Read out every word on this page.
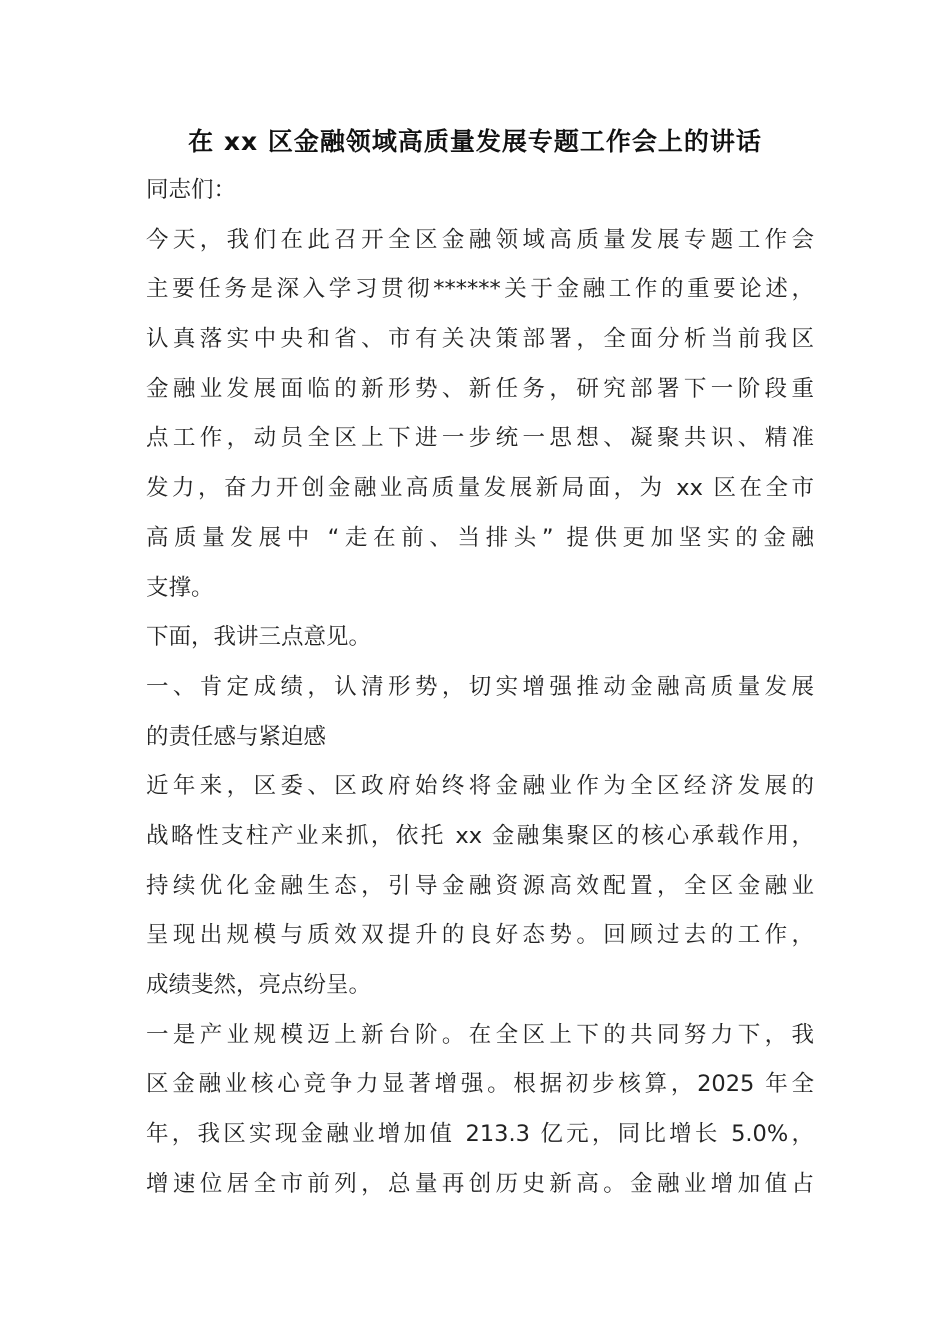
在 xx 区金融领域高质量发展专题工作会上的讲话
同志们：
今天，我们在此召开全区金融领域高质量发展专题工作会
主要任务是深入学习贯彻******关于金融工作的重要论述，
认真落实中央和省、市有关决策部署，全面分析当前我区
金融业发展面临的新形势、新任务，研究部署下一阶段重
点工作，动员全区上下进一步统一思想、凝聚共识、精准
发力，奋力开创金融业高质量发展新局面，为 xx 区在全市
高质量发展中 “走在前、当排头” 提供更加坚实的金融
支撑。
下面，我讲三点意见。
一、肯定成绩，认清形势，切实增强推动金融高质量发展
的责任感与紧迫感
近年来，区委、区政府始终将金融业作为全区经济发展的
战略性支柱产业来抓，依托 xx 金融集聚区的核心承载作用，
持续优化金融生态，引导金融资源高效配置，全区金融业
呈现出规模与质效双提升的良好态势。回顾过去的工作，
成绩斐然，亮点纷呈。
一是产业规模迈上新台阶。在全区上下的共同努力下，我
区金融业核心竞争力显著增强。根据初步核算，2025 年全
年，我区实现金融业增加值 213.3 亿元，同比增长 5.0%，
增速位居全市前列，总量再创历史新高。金融业增加值占
